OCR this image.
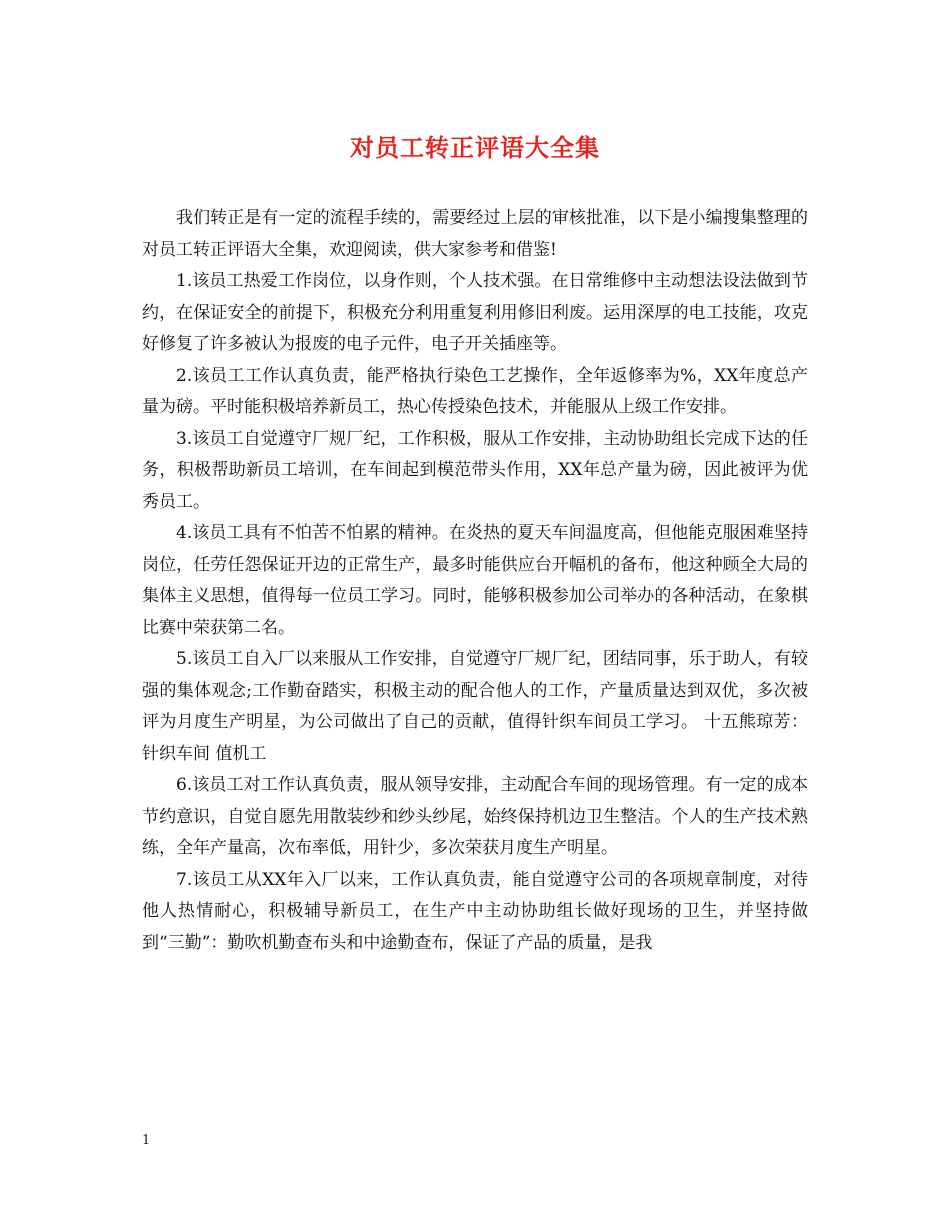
对员工转正评语大全集

我们转正是有一定的流程手续的，需要经过上层的审核批准，以下是小编搜集整理的对员工转正评语大全集，欢迎阅读，供大家参考和借鉴!

1.该员工热爱工作岗位，以身作则，个人技术强。在日常维修中主动想法设法做到节约，在保证安全的前提下，积极充分利用重复利用修旧利废。运用深厚的电工技能，攻克好修复了许多被认为报废的电子元件，电子开关插座等。

2.该员工工作认真负责，能严格执行染色工艺操作，全年返修率为%，XX年度总产量为磅。平时能积极培养新员工，热心传授染色技术，并能服从上级工作安排。

3.该员工自觉遵守厂规厂纪，工作积极，服从工作安排，主动协助组长完成下达的任务，积极帮助新员工培训，在车间起到模范带头作用，XX年总产量为磅，因此被评为优秀员工。

4.该员工具有不怕苦不怕累的精神。在炎热的夏天车间温度高，但他能克服困难坚持岗位，任劳任怨保证开边的正常生产，最多时能供应台开幅机的备布，他这种顾全大局的集体主义思想，值得每一位员工学习。同时，能够积极参加公司举办的各种活动，在象棋比赛中荣获第二名。

5.该员工自入厂以来服从工作安排，自觉遵守厂规厂纪，团结同事，乐于助人，有较强的集体观念;工作勤奋踏实，积极主动的配合他人的工作，产量质量达到双优，多次被评为月度生产明星，为公司做出了自己的贡献，值得针织车间员工学习。 十五熊琼芳：针织车间 值机工

6.该员工对工作认真负责，服从领导安排，主动配合车间的现场管理。有一定的成本节约意识，自觉自愿先用散装纱和纱头纱尾，始终保持机边卫生整洁。个人的生产技术熟练，全年产量高，次布率低，用针少，多次荣获月度生产明星。

7.该员工从XX年入厂以来，工作认真负责，能自觉遵守公司的各项规章制度，对待他人热情耐心，积极辅导新员工，在生产中主动协助组长做好现场的卫生，并坚持做到“三勤”：勤吹机勤查布头和中途勤查布，保证了产品的质量，是我

1
